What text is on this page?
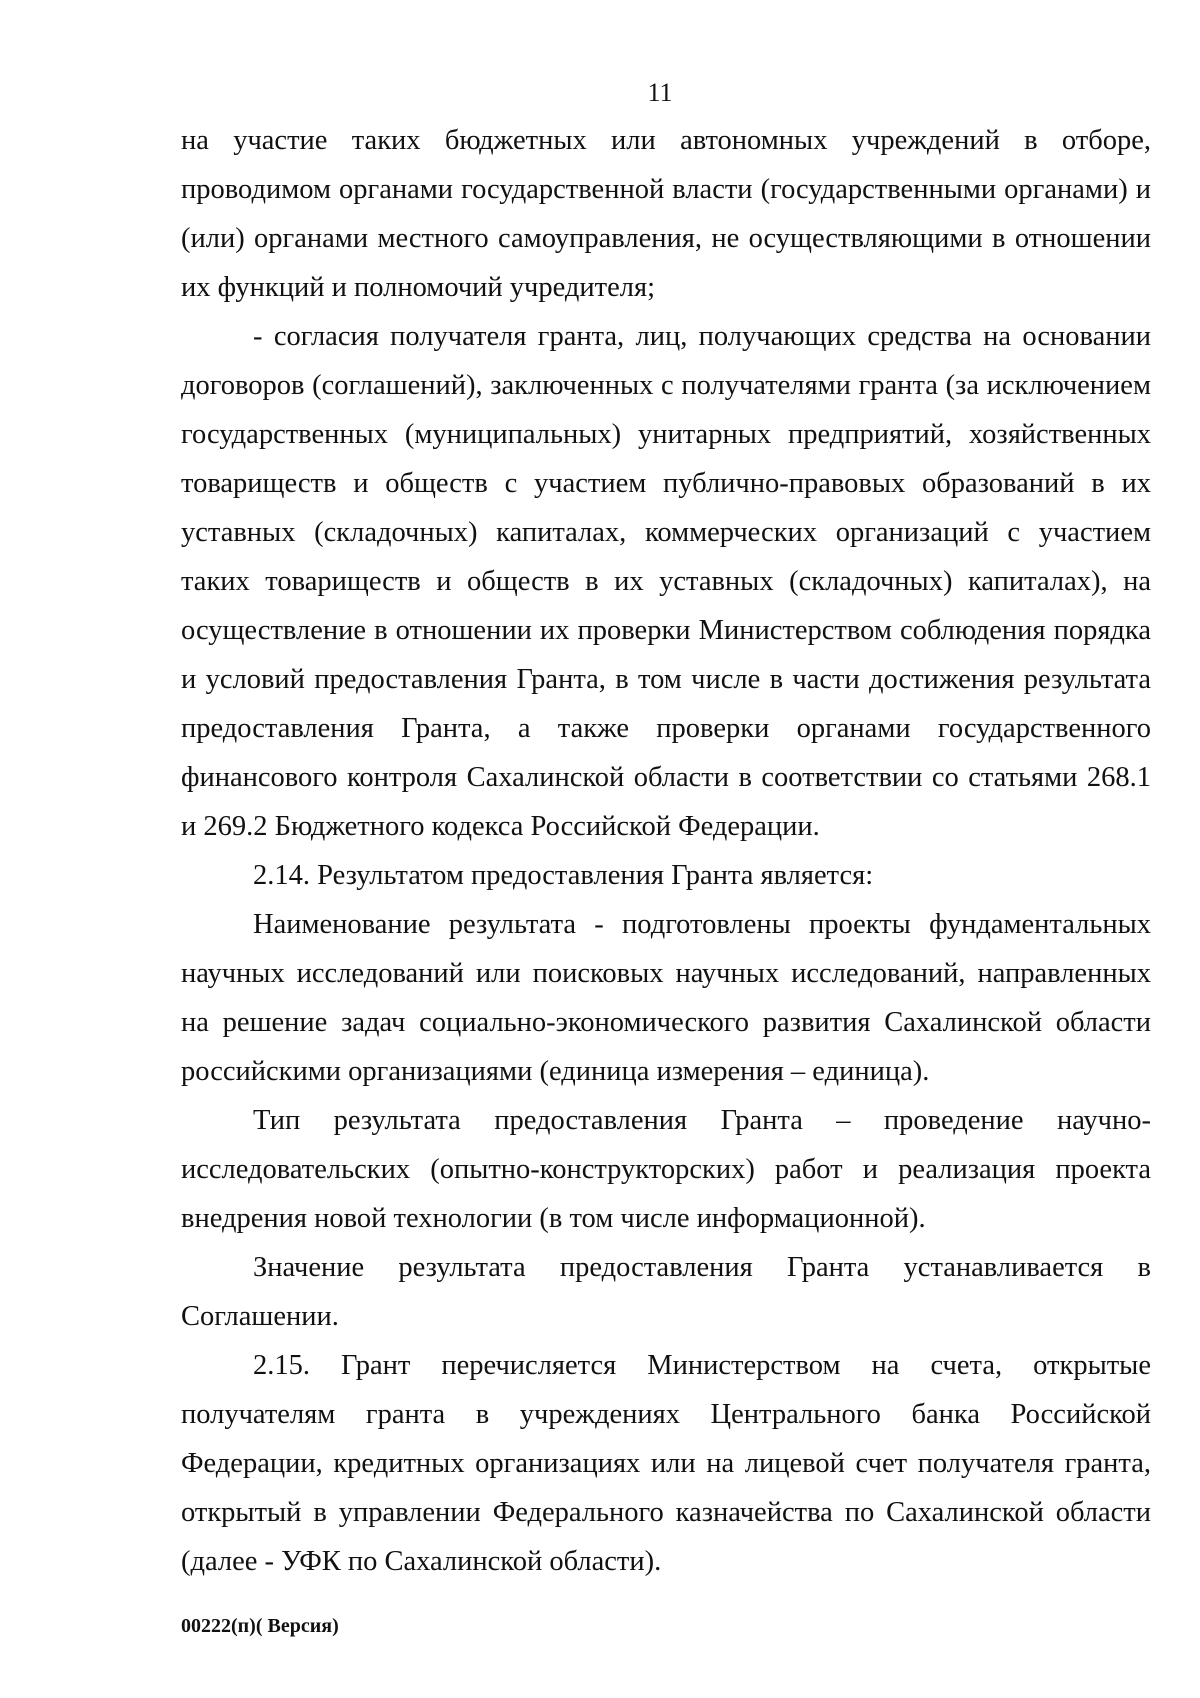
11

на участие таких бюджетных или автономных учреждений в отборе, проводимом органами государственной власти (государственными органами) и (или) органами местного самоуправления, не осуществляющими в отношении их функций и полномочий учредителя;

- согласия получателя гранта, лиц, получающих средства на основании договоров (соглашений), заключенных с получателями гранта (за исключением государственных (муниципальных) унитарных предприятий, хозяйственных товариществ и обществ с участием публично-правовых образований в их уставных (складочных) капиталах, коммерческих организаций с участием таких товариществ и обществ в их уставных (складочных) капиталах), на осуществление в отношении их проверки Министерством соблюдения порядка и условий предоставления Гранта, в том числе в части достижения результата предоставления Гранта, а также проверки органами государственного финансового контроля Сахалинской области в соответствии со статьями 268.1 и 269.2 Бюджетного кодекса Российской Федерации.

2.14. Результатом предоставления Гранта является:

Наименование результата - подготовлены проекты фундаментальных научных исследований или поисковых научных исследований, направленных на решение задач социально-экономического развития Сахалинской области российскими организациями (единица измерения – единица).

Тип результата предоставления Гранта – проведение научно-исследовательских (опытно-конструкторских) работ и реализация проекта внедрения новой технологии (в том числе информационной).

Значение результата предоставления Гранта устанавливается в Соглашении.

2.15. Грант перечисляется Министерством на счета, открытые получателям гранта в учреждениях Центрального банка Российской Федерации, кредитных организациях или на лицевой счет получателя гранта, открытый в управлении Федерального казначейства по Сахалинской области (далее - УФК по Сахалинской области).

00222(п)( Версия)
